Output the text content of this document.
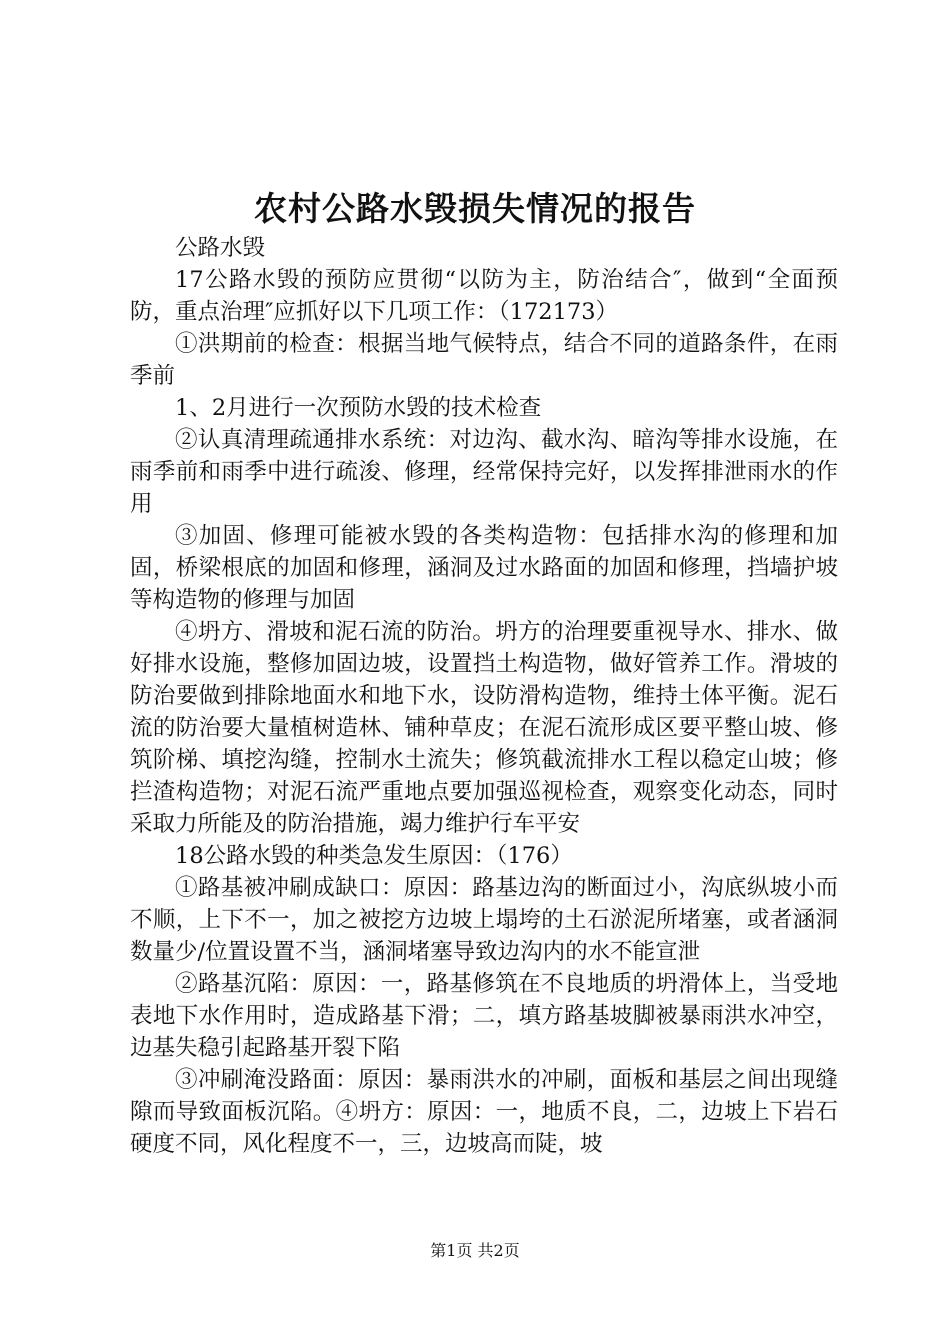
农村公路水毁损失情况的报告

公路水毁

17公路水毁的预防应贯彻“以防为主，防治结合″，做到“全面预防，重点治理″应抓好以下几项工作：（172173）

①洪期前的检查：根据当地气候特点，结合不同的道路条件，在雨季前

1、2月进行一次预防水毁的技术检查

②认真清理疏通排水系统：对边沟、截水沟、暗沟等排水设施，在雨季前和雨季中进行疏浚、修理，经常保持完好，以发挥排泄雨水的作用

③加固、修理可能被水毁的各类构造物：包括排水沟的修理和加固，桥梁根底的加固和修理，涵洞及过水路面的加固和修理，挡墙护坡等构造物的修理与加固

④坍方、滑坡和泥石流的防治。坍方的治理要重视导水、排水、做好排水设施，整修加固边坡，设置挡土构造物，做好管养工作。滑坡的防治要做到排除地面水和地下水，设防滑构造物，维持土体平衡。泥石流的防治要大量植树造林、铺种草皮；在泥石流形成区要平整山坡、修筑阶梯、填挖沟缝，控制水土流失；修筑截流排水工程以稳定山坡；修拦渣构造物；对泥石流严重地点要加强巡视检查，观察变化动态，同时采取力所能及的防治措施，竭力维护行车平安

18公路水毁的种类急发生原因：（176）

①路基被冲刷成缺口：原因：路基边沟的断面过小，沟底纵坡小而不顺，上下不一，加之被挖方边坡上塌垮的土石淤泥所堵塞，或者涵洞数量少/位置设置不当，涵洞堵塞导致边沟内的水不能宣泄

②路基沉陷：原因：一，路基修筑在不良地质的坍滑体上，当受地表地下水作用时，造成路基下滑；二，填方路基坡脚被暴雨洪水冲空，边基失稳引起路基开裂下陷

③冲刷淹没路面：原因：暴雨洪水的冲刷，面板和基层之间出现缝隙而导致面板沉陷。④坍方：原因：一，地质不良，二，边坡上下岩石硬度不同，风化程度不一，三，边坡高而陡，坡

第1页 共2页
